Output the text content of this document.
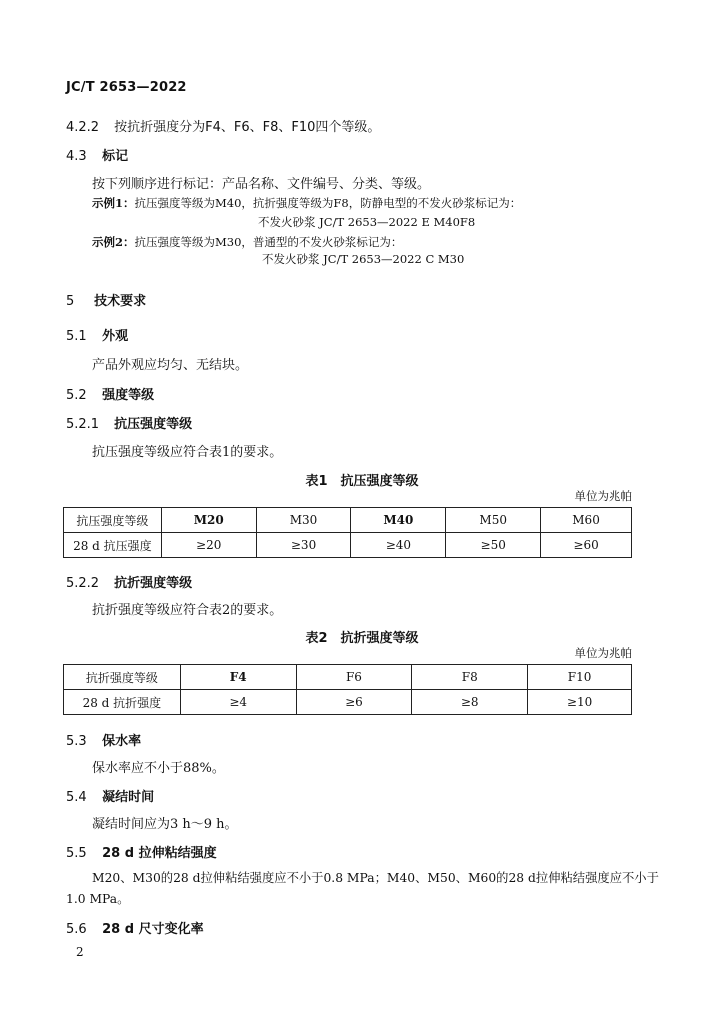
JC/T 2653—2022
4.2.2 按抗折强度分为F4、F6、F8、F10四个等级。
4.3 标记
按下列顺序进行标记：产品名称、文件编号、分类、等级。
示例1：抗压强度等级为M40，抗折强度等级为F8，防静电型的不发火砂浆标记为：
不发火砂浆 JC/T 2653—2022 E M40F8
示例2：抗压强度等级为M30，普通型的不发火砂浆标记为：
不发火砂浆 JC/T 2653—2022 C M30
5 技术要求
5.1 外观
产品外观应均匀、无结块。
5.2 强度等级
5.2.1 抗压强度等级
抗压强度等级应符合表1的要求。
表1　抗压强度等级
单位为兆帕
抗压强度等级	M20	M30	M40	M50	M60
28 d 抗压强度	≥20	≥30	≥40	≥50	≥60
5.2.2 抗折强度等级
抗折强度等级应符合表2的要求。
表2　抗折强度等级
单位为兆帕
抗折强度等级	F4	F6	F8	F10
28 d 抗折强度	≥4	≥6	≥8	≥10
5.3 保水率
保水率应不小于88%。
5.4 凝结时间
凝结时间应为3 h～9 h。
5.5 28 d 拉伸粘结强度
M20、M30的28 d拉伸粘结强度应不小于0.8 MPa；M40、M50、M60的28 d拉伸粘结强度应不小于
1.0 MPa。
5.6 28 d 尺寸变化率
2
